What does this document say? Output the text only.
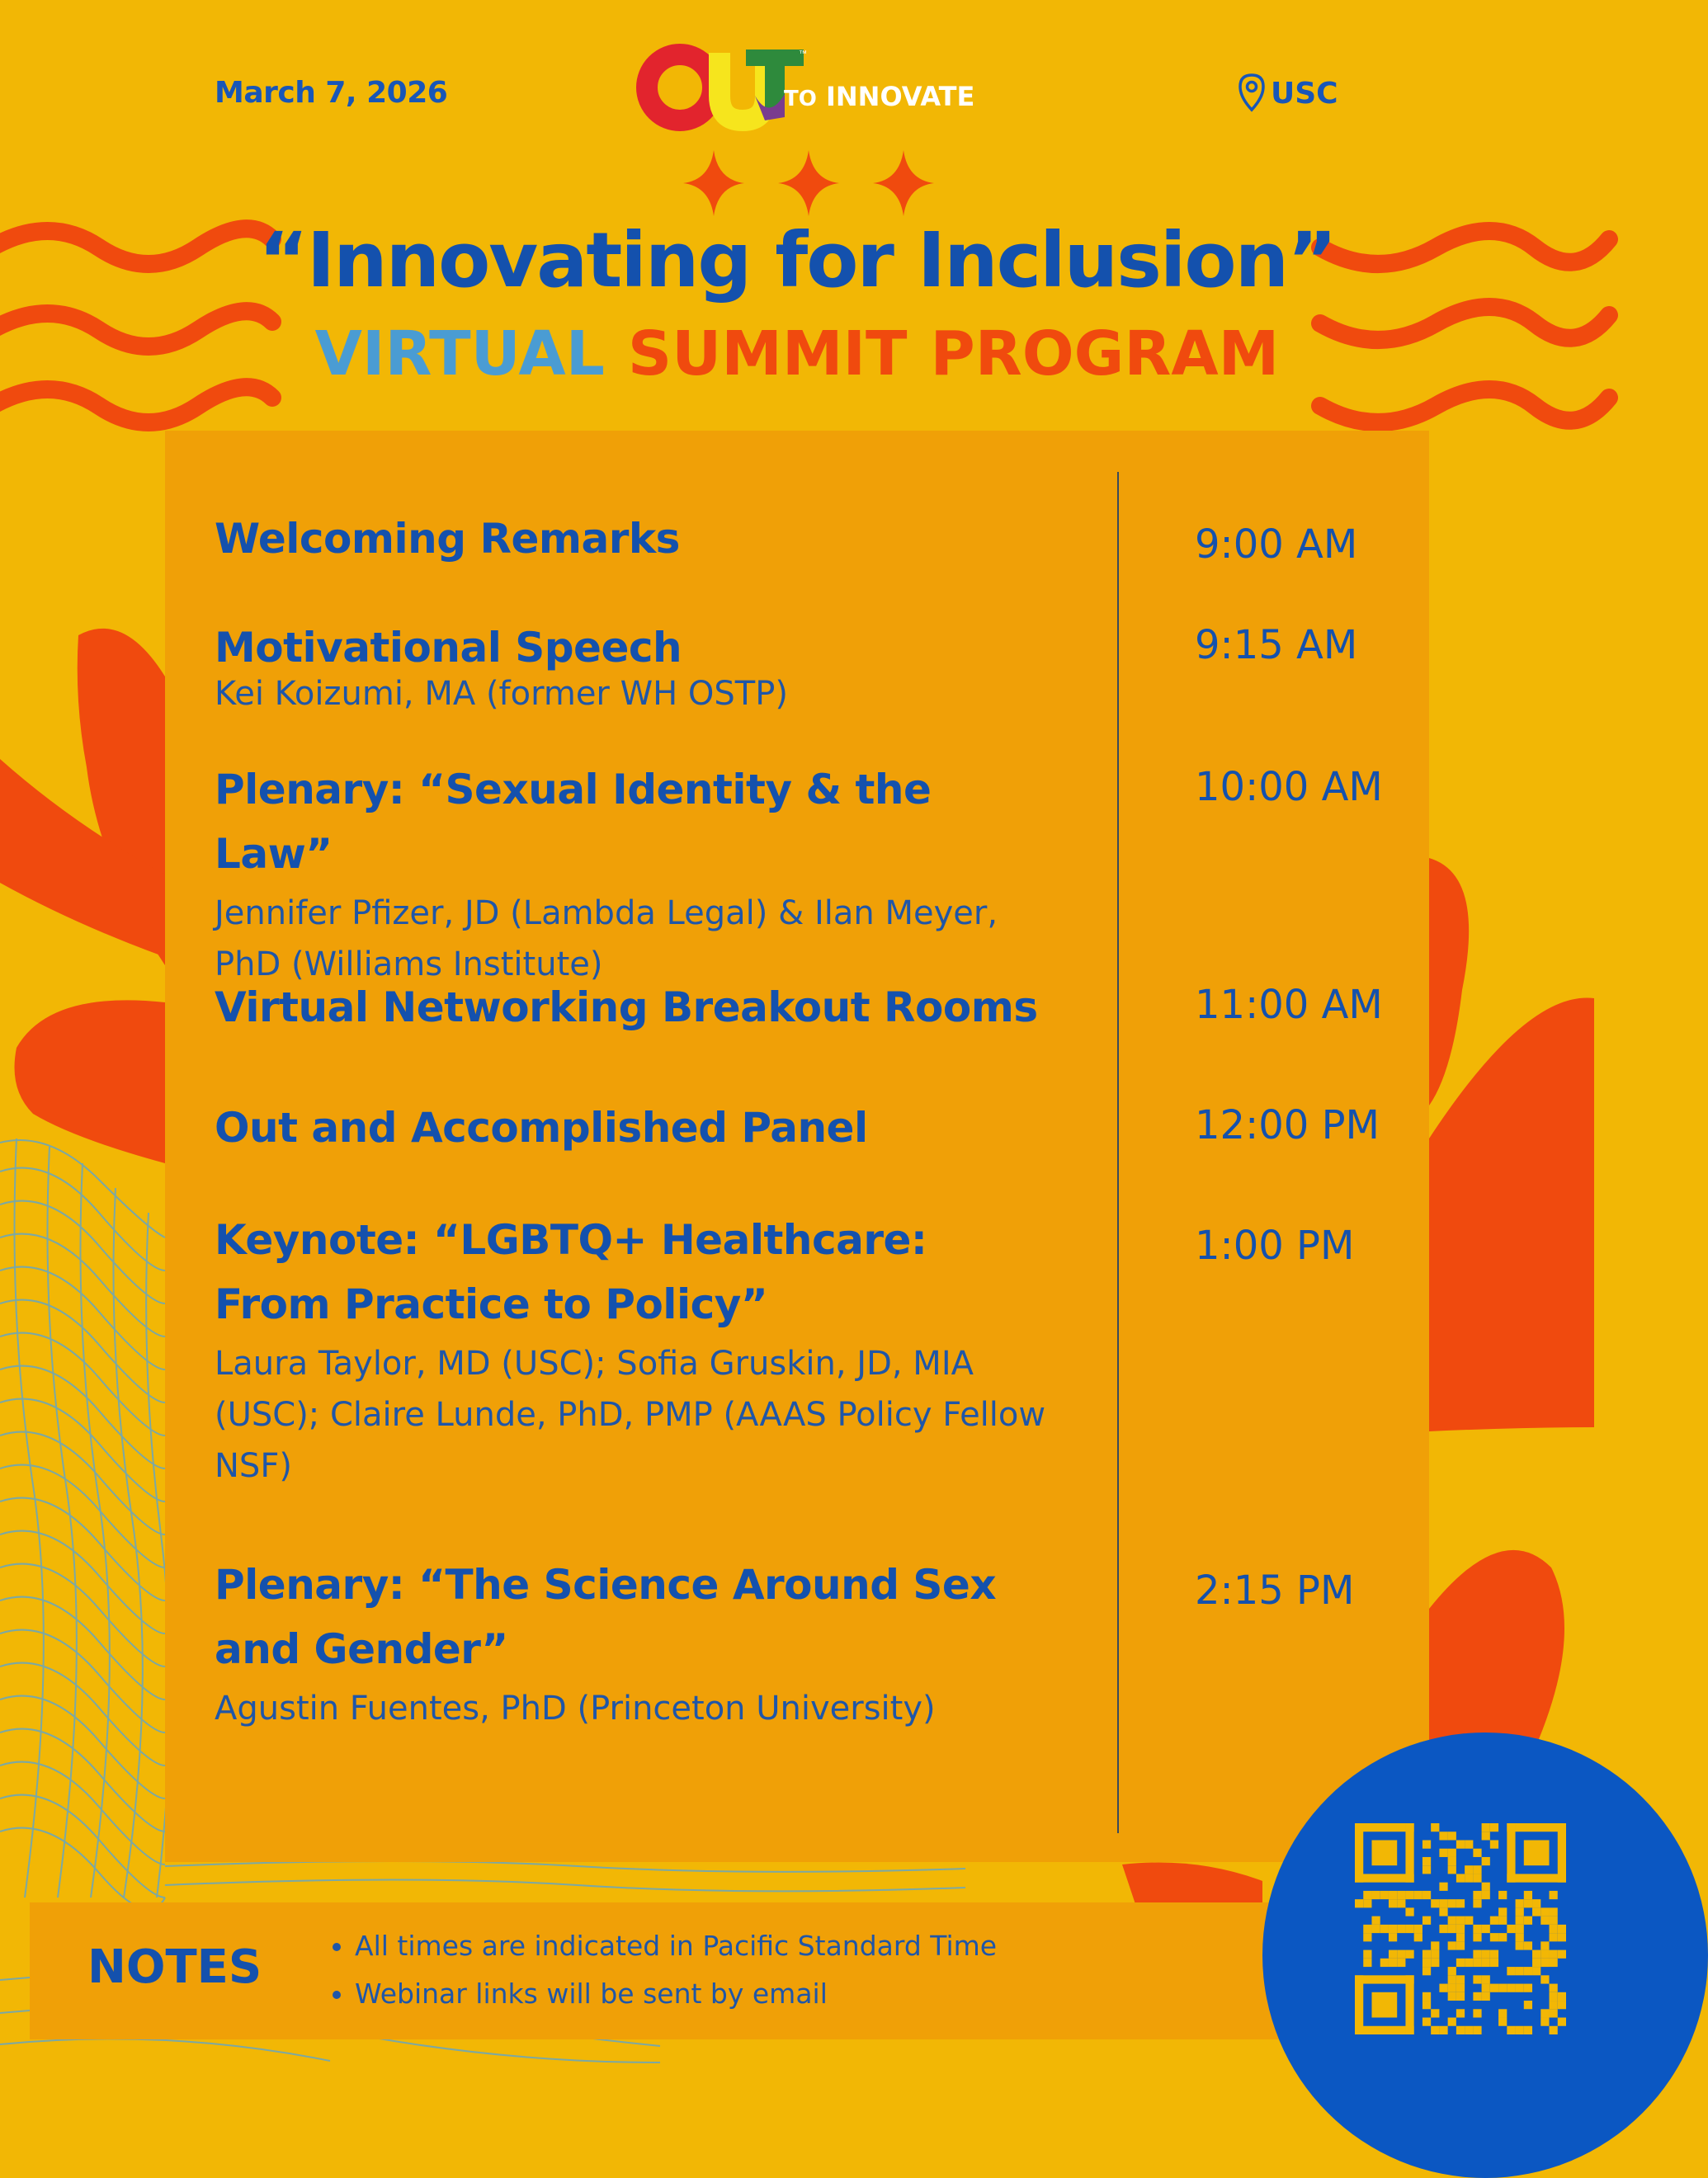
March 7, 2026
™
TO INNOVATE	USC
“Innovating for Inclusion”
VIRTUAL SUMMIT PROGRAM
Welcoming Remarks	9:00 AM
Motivational Speech
Kei Koizumi, MA (former WH OSTP)
9:15 AM
Plenary: “Sexual Identity & the Law”
Jennifer Pfizer, JD (Lambda Legal) & Ilan Meyer, PhD (Williams Institute)
10:00 AM
Virtual Networking Breakout Rooms	11:00 AM
Out and Accomplished Panel	12:00 PM
Keynote: “LGBTQ+ Healthcare: From Practice to Policy”
Laura Taylor, MD (USC); Sofia Gruskin, JD, MIA (USC); Claire Lunde, PhD, PMP (AAAS Policy Fellow NSF)
1:00 PM
Plenary: “The Science Around Sex and Gender”
Agustin Fuentes, PhD (Princeton University)
2:15 PM
NOTES
•	All times are indicated in Pacific Standard Time
• Webinar links will be sent by email
